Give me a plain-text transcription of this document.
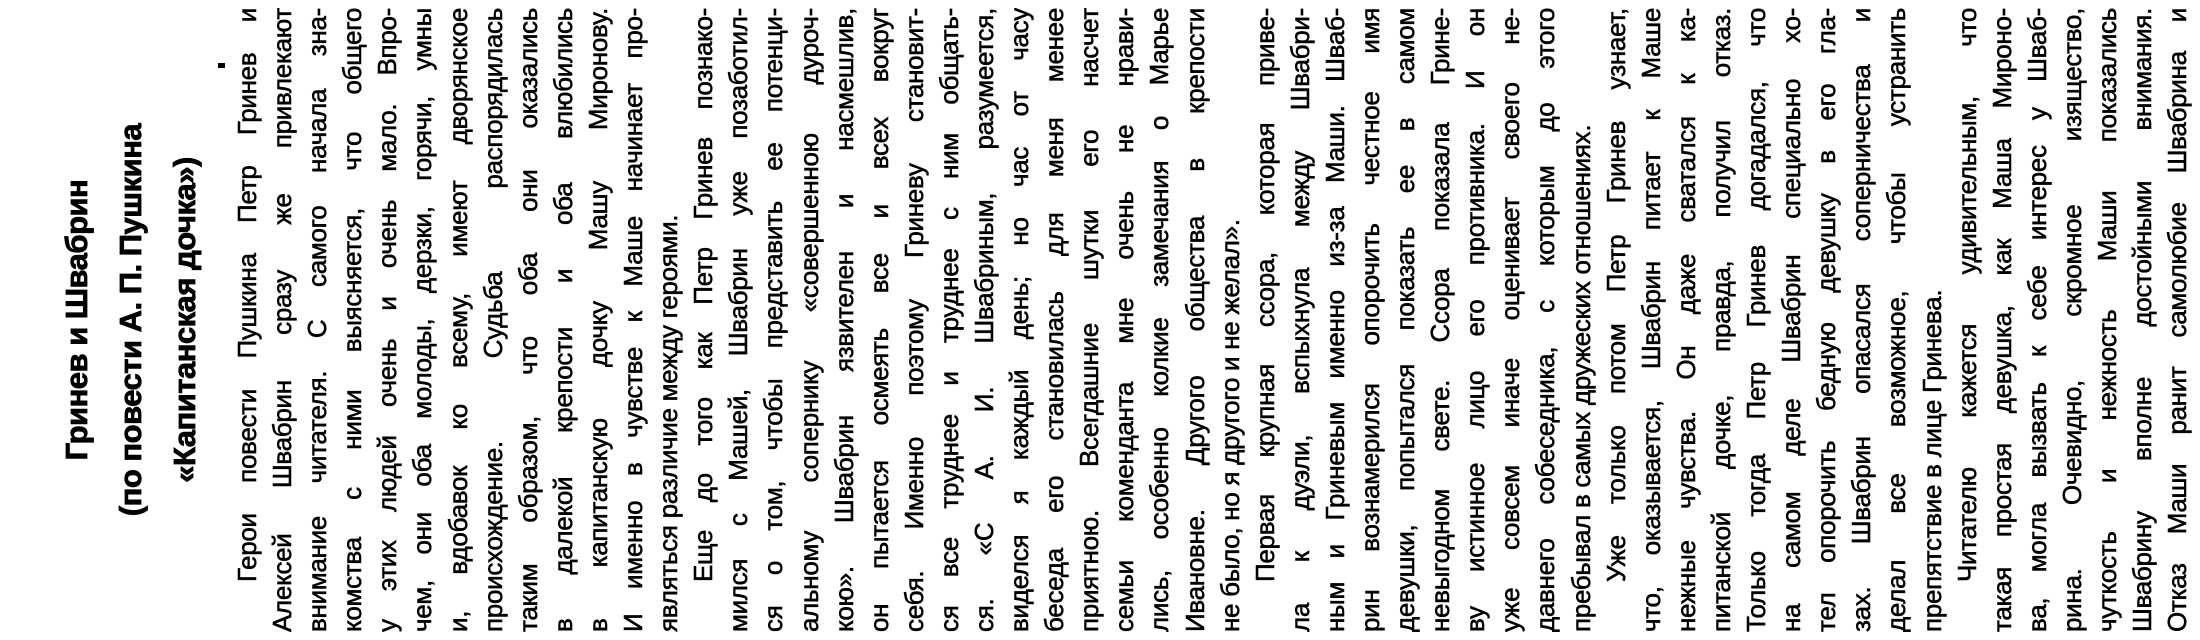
Гринев и Швабрин (по повести А. П. Пушкина «Капитанская дочка»)	Герои повести Пушкина Петр Гринев и Алексей Швабрин сразу же привлекают внимание читателя. С самого начала зна- комства с ними выясняется, что общего у этих людей очень и очень мало. Впро- чем, они оба молоды, дерзки, горячи, умны и, вдобавок ко всему, имеют дворянское происхождение. Судьба распорядилась таким образом, что оба они оказались в далекой крепости и оба влюбились в капитанскую дочку Машу Миронову. И именно в чувстве к Маше начинает про- являться различие между героями. Еще до того как Петр Гринев познако- мился с Машей, Швабрин уже позаботил- ся о том, чтобы представить ее потенци- альному сопернику «совершенною дуроч- кою». Швабрин язвителен и насмешлив, он пытается осмеять все и всех вокруг себя. Именно поэтому Гриневу становит- ся все труднее и труднее с ним общать- ся. «С А. И. Швабриным, разумеется, виделся я каждый день; но час от часу беседа его становилась для меня менее приятною. Всегдашние шутки его насчет семьи коменданта мне очень не нрави- лись, особенно колкие замечания о Марье Ивановне. Другого общества в крепости не было, но я другого и не желал». Первая крупная ссора, которая приве- ла к дуэли, вспыхнула между Швабри- ным и Гриневым именно из-за Маши. Шваб- рин вознамерился опорочить честное имя девушки, попытался показать ее в самом невыгодном свете. Ссора показала Грине- ву истинное лицо его противника. И он уже совсем иначе оценивает своего не- давнего собеседника, с которым до этого пребывал в самых дружеских отношениях. Уже только потом Петр Гринев узнает, что, оказывается, Швабрин питает к Маше нежные чувства. Он даже сватался к ка- питанской дочке, правда, получил отказ. Только тогда Петр Гринев догадался, что на самом деле Швабрин специально хо- тел опорочить бедную девушку в его гла- зах. Швабрин опасался соперничества и делал все возможное, чтобы устранить препятствие в лице Гринева. Читателю кажется удивительным, что такая простая девушка, как Маша Мироно- ва, могла вызвать к себе интерес у Шваб- рина. Очевидно, скромное изящество, чуткость и нежность Маши показались Швабрину вполне достойными внимания. Отказ Маши ранит самолюбие Швабрина и
